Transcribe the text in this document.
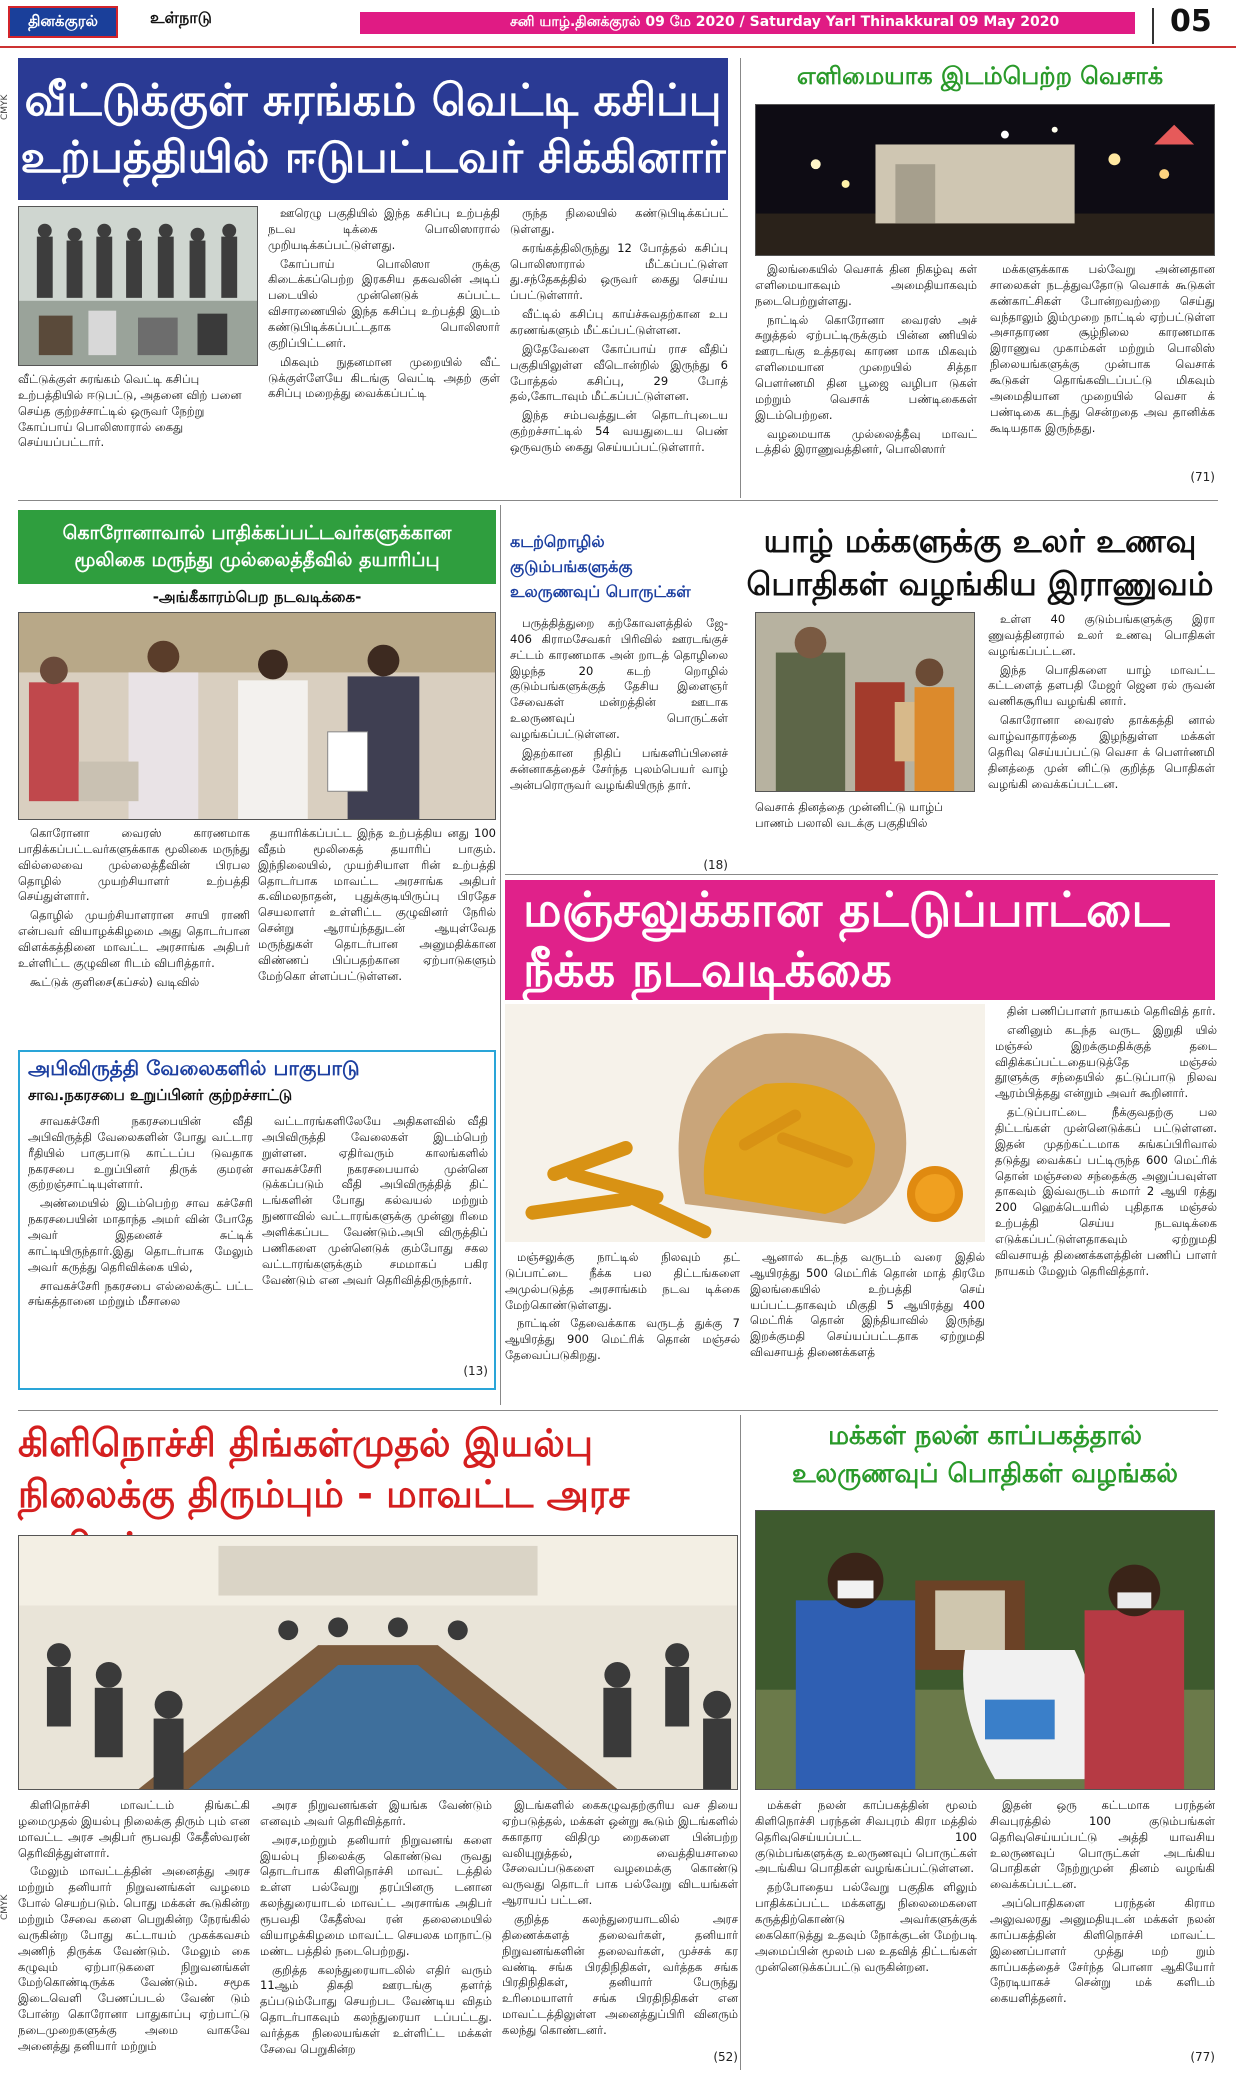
தினக்குரல்	உள்நாடு	சனி யாழ்.தினக்குரல் 09 மே 2020 / Saturday Yarl Thinakkural 09 May 2020	05
CMYK
CMYK
வீட்டுக்குள் சுரங்கம் வெட்டி கசிப்பு
உற்பத்தியில் ஈடுபட்டவர் சிக்கினார்
வீட்டுக்குள் சுரங்கம் வெட்டி கசிப்பு உற்பத்தியில் ஈடுபட்டு, அதனை விற் பனை செய்த குற்றச்சாட்டில் ஒருவர் நேற்று கோப்பாய் பொலிஸாரால் கைது செய்யப்பட்டார்.

ஊரெழு பகுதியில் இந்த கசிப்பு உற்பத்தி நடவ டிக்கை பொலிஸாரால் முறியடிக்கப்பட்டுள்ளது.

கோப்பாய் பொலிஸா ருக்கு கிடைக்கப்பெற்ற இரகசிய தகவலின் அடிப் படையில் முன்னெடுக் கப்பட்ட விசாரணையில் இந்த கசிப்பு உற்பத்தி இடம் கண்டுபிடிக்கப்பட்டதாக பொலிஸார் குறிப்பிட்டனர்.

மிகவும் நுதனமான முறையில் வீட் டுக்குள்ளேயே கிடங்கு வெட்டி அதற் குள் கசிப்பு மறைத்து வைக்கப்பட்டி

ருந்த நிலையில் கண்டுபிடிக்கப்பட் டுள்ளது.

சுரங்கத்திலிருந்து 12 போத்தல் கசிப்பு பொலிஸாரால் மீட்கப்பட்டுள்ள து.சந்தேகத்தில் ஒருவர் கைது செய்ய ப்பட்டுள்ளார்.

வீட்டில் கசிப்பு காய்ச்சுவதற்கான உப கரணங்களும் மீட்கப்பட்டுள்ளன.

இதேவேளை கோப்பாய் ராச வீதிப் பகுதியிலுள்ள வீடொன்றில் இருந்து 6 போத்தல் கசிப்பு, 29 போத் தல்,கோடாவும் மீட்கப்பட்டுள்ளன.

இந்த சம்பவத்துடன் தொடர்புடைய குற்றச்சாட்டில் 54 வயதுடைய பெண் ஒருவரும் கைது செய்யப்பட்டுள்ளார்.

எளிமையாக இடம்பெற்ற வெசாக்

இலங்கையில் வெசாக் தின நிகழ்வு கள் எளிமையாகவும் அமைதியாகவும் நடைபெற்றுள்ளது.

நாட்டில் கொரோனா வைரஸ் அச் சுறுத்தல் ஏற்பட்டிருக்கும் பின்ன ணியில் ஊரடங்கு உத்தரவு காரண மாக மிகவும் எளிமையான முறையில் சித்தா பௌர்ணமி தின பூஜை வழிபா டுகள் மற்றும் வெசாக் பண்டிகைகள் இடம்பெற்றன.

வழமையாக முல்லைத்தீவு மாவட் டத்தில் இராணுவத்தினர், பொலிஸார்

மக்களுக்காக பல்வேறு அன்னதான சாலைகள் நடத்துவதோடு வெசாக் கூடுகள் கண்காட்சிகள் போன்றவற்றை செய்து வந்தாலும் இம்முறை நாட்டில் ஏற்பட்டுள்ள அசாதாரண சூழ்நிலை காரணமாக இராணுவ முகாம்கள் மற்றும் பொலிஸ் நிலையங்களுக்கு முன்பாக வெசாக் கூடுகள் தொங்கவிடப்பட்டு மிகவும் அமைதியான முறையில் வெசா க் பண்டிகை கடந்து சென்றதை அவ தானிக்க கூடியதாக இருந்தது.

(71)
கொரோனாவால் பாதிக்கப்பட்டவர்களுக்கான
மூலிகை மருந்து முல்லைத்தீவில் தயாரிப்பு
-அங்கீகாரம்பெற நடவடிக்கை-

கொரோனா வைரஸ் காரணமாக பாதிக்கப்பட்டவர்களுக்காக மூலிகை மருந்து வில்லைவை முல்லைத்தீவின் பிரபல தொழில் முயற்சியாளர் உற்பத்தி செய்துள்ளார்.

தொழில் முயற்சியாளரான சாயி ராணி என்பவர் வியாழக்கிழமை அது தொடர்பான விளக்கத்தினை மாவட்ட அரசாங்க அதிபர் உள்ளிட்ட குழுவின ரிடம் விபரித்தார்.

கூட்டுக் குளிசை(கப்சல்) வடிவில்

தயாரிக்கப்பட்ட இந்த உற்பத்திய னது 100 வீதம் மூலிகைத் தயாரிப் பாகும். இந்நிலையில், முயற்சியாள ரின் உற்பத்தி தொடர்பாக மாவட்ட அரசாங்க அதிபர் க.விமலநாதன், புதுக்குடியிருப்பு பிரதேச செயலாளர் உள்ளிட்ட குழுவினர் நேரில் சென்று ஆராய்ந்ததுடன் ஆயுள்வேத மருந்துகள் தொடர்பான அனுமதிக்கான விண்ணப் பிப்பதற்கான ஏற்பாடுகளும் மேற்கொ ள்ளப்பட்டுள்ளன.

கடற்றொழில்
குடும்பங்களுக்கு
உலருணவுப் பொருட்கள்

பருத்தித்துறை கற்கோவளத்தில் ஜே- 406 கிராமசேவகர் பிரிவில் ஊரடங்குச் சட்டம் காரணமாக அன் றாடத் தொழிலை இழந்த 20 கடற் றொழில் குடும்பங்களுக்குத் தேசிய இளைஞர் சேவைகள் மன்றத்தின் ஊடாக உலருணவுப் பொருட்கள் வழங்கப்பட்டுள்ளன.

இதற்கான நிதிப் பங்களிப்பினைச் சுன்னாகத்தைச் சேர்ந்த புலம்பெயர் வாழ் அன்பரொருவர் வழங்கியிருந் தார்.

(18)
யாழ் மக்களுக்கு உலர் உணவு
பொதிகள் வழங்கிய இராணுவம்
வெசாக் தினத்தை முன்னிட்டு யாழ்ப் பாணம் பலாலி வடக்கு பகுதியில்

உள்ள 40 குடும்பங்களுக்கு இரா ணுவத்தினரால் உலர் உணவு பொதிகள் வழங்கப்பட்டன.

இந்த பொதிகளை யாழ் மாவட்ட கட்டளைத் தளபதி மேஜர் ஜென ரல் ருவன் வணிகசூரிய வழங்கி னார்.

கொரோனா வைரஸ் தாக்கத்தி னால் வாழ்வாதாரத்தை இழந்துள்ள மக்கள் தெரிவு செய்யப்பட்டு வெசா க் பௌர்ணமி தினத்தை முன் னிட்டு குறித்த பொதிகள் வழங்கி வைக்கப்பட்டன.

மஞ்சலுக்கான தட்டுப்பாட்டை
நீக்க நடவடிக்கை

மஞ்சலுக்கு நாட்டில் நிலவும் தட் டுப்பாட்டை நீக்க பல திட்டங்களை அமுல்படுத்த அரசாங்கம் நடவ டிக்கை மேற்கொண்டுள்ளது.

நாட்டின் தேவைக்காக வருடத் துக்கு 7 ஆயிரத்து 900 மெட்ரிக் தொன் மஞ்சல் தேவைப்படுகிறது.

ஆனால் கடந்த வருடம் வரை இதில் ஆயிரத்து 500 மெட்ரிக் தொன் மாத் திரமே இலங்கையில் உற்பத்தி செய் யப்பட்டதாகவும் மிகுதி 5 ஆயிரத்து 400 மெட்ரிக் தொன் இந்தியாவில் இருந்து இறக்குமதி செய்யப்பட்டதாக ஏற்றுமதி விவசாயத் திணைக்களத்

தின் பணிப்பாளர் நாயகம் தெரிவித் தார்.

எனினும் கடந்த வருட இறுதி யில் மஞ்சல் இறக்குமதிக்குத் தடை விதிக்கப்பட்டதையடுத்தே மஞ்சல் தூளுக்கு சந்தையில் தட்டுப்பாடு நிலவ ஆரம்பித்தது என்றும் அவர் கூறினார்.

தட்டுப்பாட்டை நீக்குவதற்கு பல திட்டங்கள் முன்னெடுக்கப் பட்டுள்ளன. இதன் முதற்கட்டமாக சுங்கப்பிரிவால் தடுத்து வைக்கப் பட்டிருந்த 600 மெட்ரிக் தொன் மஞ்சலை சந்தைக்கு அனுப்பவுள்ள தாகவும் இவ்வருடம் சுமார் 2 ஆயி ரத்து 200 ஹெக்டெயரில் புதிதாக மஞ்சல் உற்பத்தி செய்ய நடவடிக்கை எடுக்கப்பட்டுள்ளதாகவும் ஏற்றுமதி விவசாயத் திணைக்களத்தின் பணிப் பாளர் நாயகம் மேலும் தெரிவித்தார்.

அபிவிருத்தி வேலைகளில் பாகுபாடு
சாவ.நகரசபை உறுப்பினர் குற்றச்சாட்டு

சாவகச்சேரி நகரசபையின் வீதி அபிவிருத்தி வேலைகளின் போது வட்டார ரீதியில் பாகுபாடு காட்டப்ப டுவதாக நகரசபை உறுப்பினர் திருக் குமரன் குற்றஞ்சாட்டியுள்ளார்.

அண்மையில் இடம்பெற்ற சாவ கச்சேரி நகரசபையின் மாதாந்த அமர் வின் போதே அவர் இதனைச் சுட்டிக் காட்டியிருந்தார்.இது தொடர்பாக மேலும் அவர் கருத்து தெரிவிக்கை யில்,

சாவகச்சேரி நகரசபை எல்லைக்குட் பட்ட சங்கத்தானை மற்றும் மீசாலை

வட்டாரங்களிலேயே அதிகளவில் வீதி அபிவிருத்தி வேலைகள் இடம்பெற் றுள்ளன. ஏதிர்வரும் காலங்களில் சாவகச்சேரி நகரசபையால் முன்னெ டுக்கப்படும் வீதி அபிவிருத்தித் திட் டங்களின் போது கல்வயல் மற்றும் நுணாவில் வட்டாரங்களுக்கு முன்னு ரிமை அளிக்கப்பட வேண்டும்.அபி விருத்திப் பணிகளை முன்னெடுக் கும்போது சகல வட்டாரங்களுக்கும் சமமாகப் பகிர வேண்டும் என அவர் தெரிவித்திருந்தார்.

(13)
கிளிநொச்சி திங்கள்முதல் இயல்பு
நிலைக்கு திரும்பும் - மாவட்ட அரச

கிளிநொச்சி மாவட்டம் திங்கட்கி ழமைமுதல் இயல்பு நிலைக்கு திரும் பும் என மாவட்ட அரச அதிபர் ரூபவதி கேதீஸ்வரன் தெரிவித்துள்ளார்.

மேலும் மாவட்டத்தின் அனைத்து அரச மற்றும் தனியார் நிறுவனங்கள் வழமை போல் செயற்படும். பொது மக்கள் கூடுகின்ற மற்றும் சேவை களை பெறுகின்ற நேரங்கில் வருகின்ற போது கட்டாயம் முகக்கவசம் அணிந் திருக்க வேண்டும். மேலும் கை கழுவும் ஏற்பாடுகளை நிறுவனங்கள் மேற்கொண்டிருக்க வேண்டும். சமூக இடைவெளி பேணப்படல் வேண் டும் போன்ற கொரோனா பாதுகாப்பு ஏற்பாட்டு நடைமுறைகளுக்கு அமை வாகவே அனைத்து தனியார் மற்றும்

அரச நிறுவனங்கள் இயங்க வேண்டும் எனவும் அவர் தெரிவித்தார்.

அரச,மற்றும் தனியார் நிறுவனங் களை இயல்பு நிலைக்கு கொண்டுவ ருவது தொடர்பாக கிளிநொச்சி மாவட் டத்தில் உள்ள பல்வேறு தரப்பினரு டனான கலந்துரையாடல் மாவட்ட அரசாங்க அதிபர் ரூபவதி கேதீஸ்வ ரன் தலைமையில் வியாழக்கிழமை மாவட்ட செயலக மாநாட்டு மண்ட பத்தில் நடைபெற்றது.

குறித்த கலந்துரையாடலில் எதிர் வரும் 11ஆம் திகதி ஊரடங்கு தளர்த் தப்படும்போது செயற்பட வேண்டிய விதம் தொடர்பாகவும் கலந்துரையா டப்பட்டது. வர்த்தக நிலையங்கள் உள்ளிட்ட மக்கள் சேவை பெறுகின்ற

இடங்களில் கைகழுவதற்குரிய வச தியை ஏற்படுத்தல், மக்கள் ஒன்று கூடும் இடங்களில் சுகாதார விதிமு றைகளை பின்பற்ற வலியுறுத்தல், வைத்தியசாலை சேவைப்படுகளை வழமைக்கு கொண்டு வருவது தொடர் பாக பல்வேறு விடயங்கள் ஆராயப் பட்டன.

குறித்த கலந்துரையாடலில் அரச திணைக்களத் தலைவர்கள், தனியார் நிறுவனங்களின் தலைவர்கள், முச்சக் கர வண்டி சங்க பிரதிநிதிகள், வர்த்தக சங்க பிரதிநிதிகள், தனியார் பேருந்து உரிமையாளர் சங்க பிரதிநிதிகள் என மாவட்டத்திலுள்ள அனைத்துப்பிரி வினரும் கலந்து கொண்டனர்.

(52)
மக்கள் நலன் காப்பகத்தால்
உலருணவுப் பொதிகள் வழங்கல்

மக்கள் நலன் காப்பகத்தின் மூலம் கிளிநொச்சி பரந்தன் சிவபுரம் கிரா மத்தில் தெரிவுசெய்யப்பட்ட 100 குடும்பங்களுக்கு உலருணவுப் பொருட்கள் அடங்கிய பொதிகள் வழங்கப்பட்டுள்ளன.

தற்போதைய பல்வேறு பகுதிக ளிலும் பாதிக்கப்பட்ட மக்களது நிலைமைகளை கருத்திற்கொண்டு அவர்களுக்குக் கைகொடுத்து உதவும் நோக்குடன் மேற்படி அமைப்பின் மூலம் பல உதவித் திட்டங்கள் முன்னெடுக்கப்பட்டு வருகின்றன.

இதன் ஒரு கட்டமாக பரந்தன் சிவபுரத்தில் 100 குடும்பங்கள் தெரிவுசெய்யப்பட்டு அத்தி யாவசிய உலருணவுப் பொருட்கள் அடங்கிய பொதிகள் நேற்றுமுன் தினம் வழங்கி வைக்கப்பட்டன.

அப்பொதிகளை பரந்தன் கிராம அலுவலரது அனுமதியுடன் மக்கள் நலன் காப்பகத்தின் கிளிநொச்சி மாவட்ட இணைப்பாளர் முத்து மற் றும் காப்பகத்தைச் சேர்ந்த பொனா ஆகியோர் நேரடியாகச் சென்று மக் களிடம் கையளித்தனர்.

(77)
